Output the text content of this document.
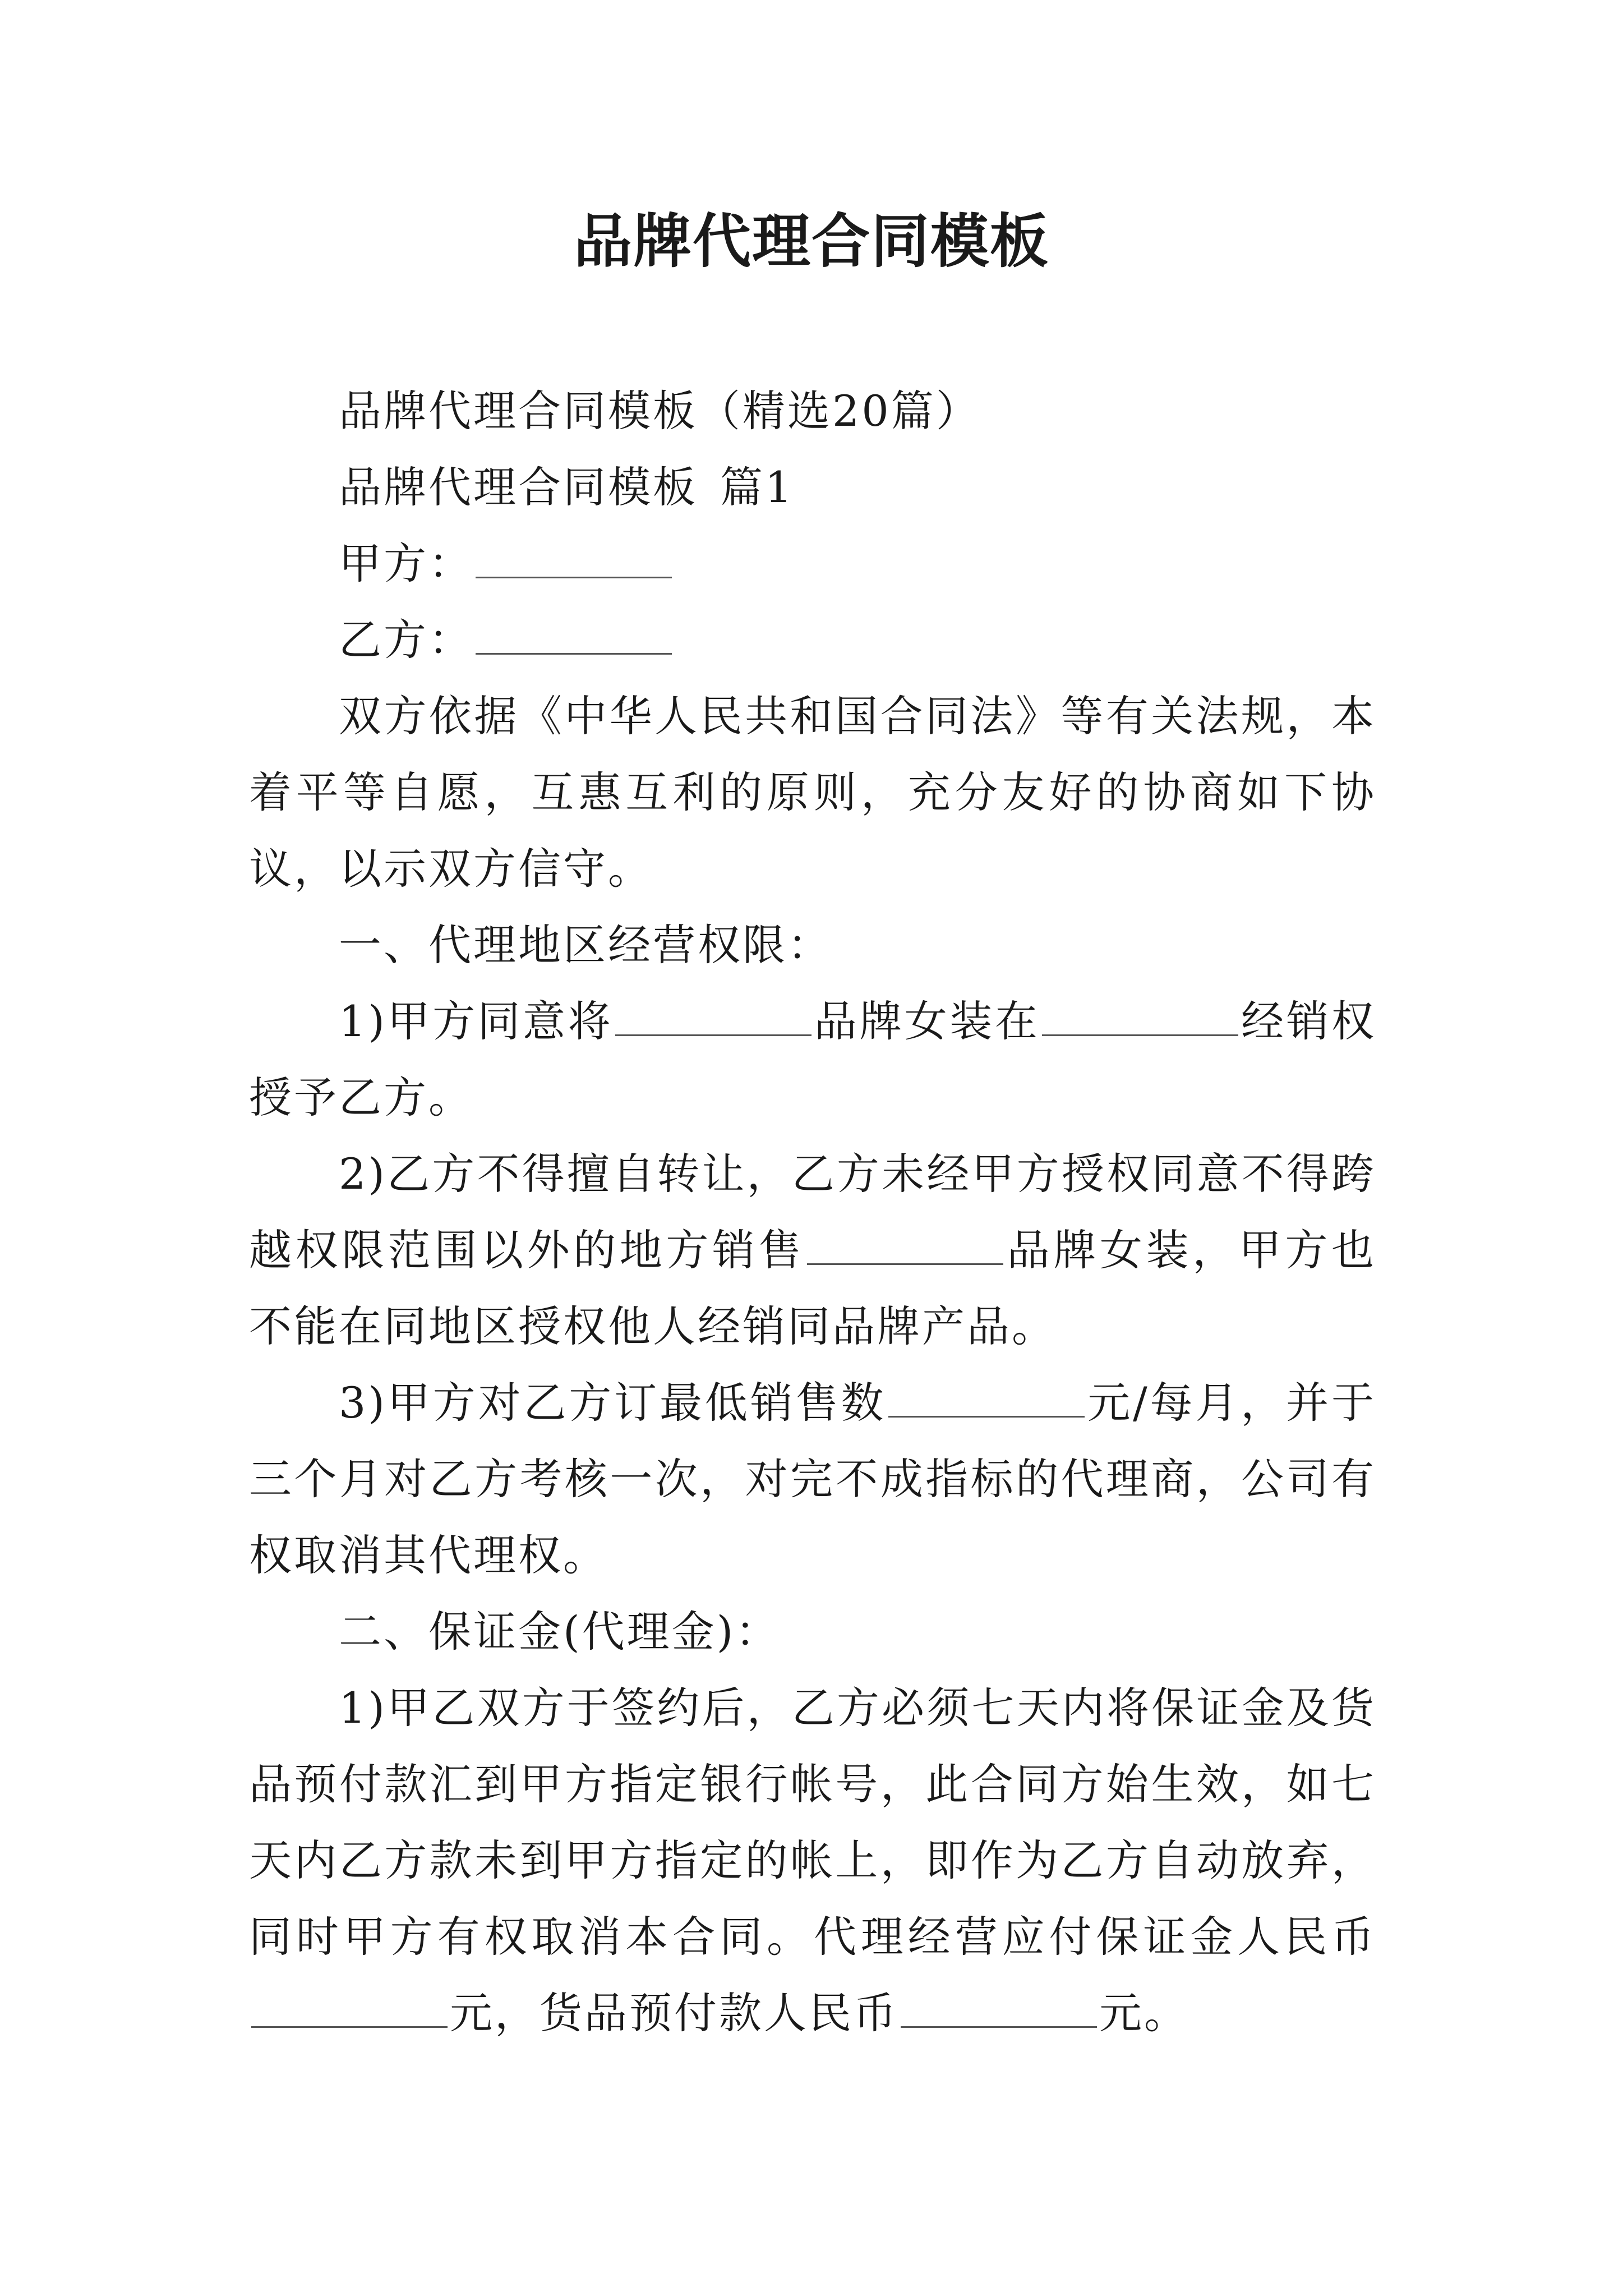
品牌代理合同模板

品牌代理合同模板（精选20篇）

品牌代理合同模板 篇1

甲方：

乙方：

双方依据《中华人民共和国合同法》等有关法规，本着平等自愿，互惠互利的原则，充分友好的协商如下协议，以示双方信守。

一、代理地区经营权限：

1)甲方同意将	品牌女装在	经销权授予乙方。

2)乙方不得擅自转让，乙方未经甲方授权同意不得跨越权限范围以外的地方销售	品牌女装，甲方也不能在同地区授权他人经销同品牌产品。

3)甲方对乙方订最低销售数	元/每月，并于三个月对乙方考核一次，对完不成指标的代理商，公司有权取消其代理权。

二、保证金(代理金)：

1)甲乙双方于签约后，乙方必须七天内将保证金及货品预付款汇到甲方指定银行帐号，此合同方始生效，如七天内乙方款未到甲方指定的帐上，即作为乙方自动放弃，同时甲方有权取消本合同。代理经营应付保证金人民币元，货品预付款人民币	元。
